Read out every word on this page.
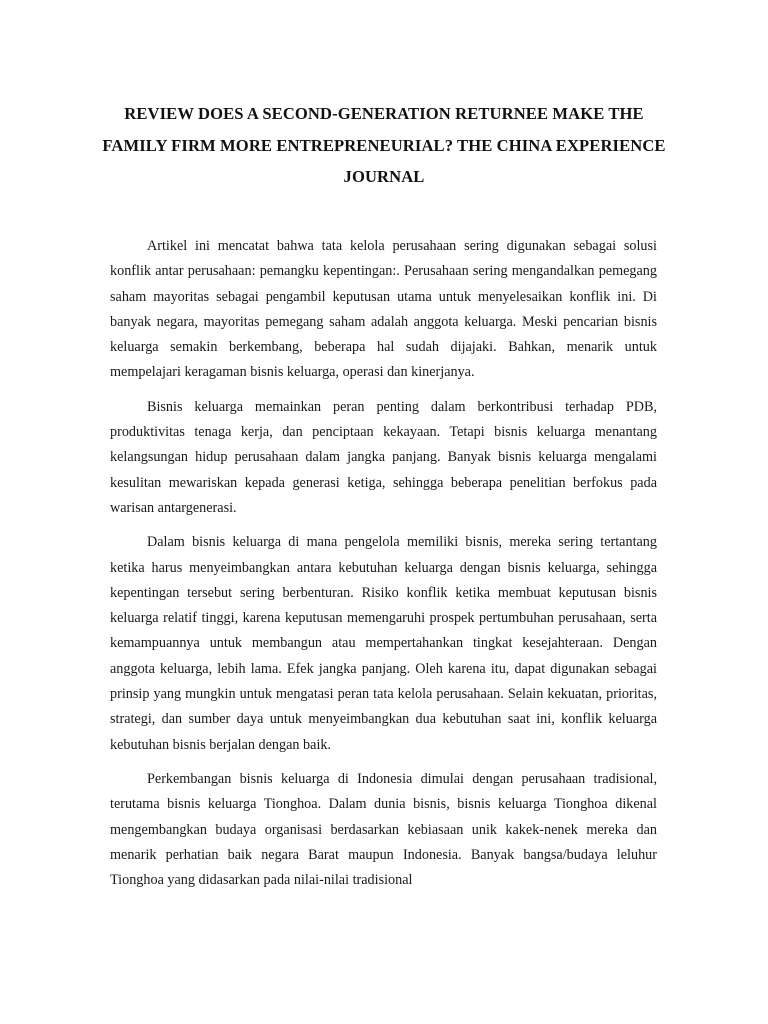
REVIEW DOES A SECOND-GENERATION RETURNEE MAKE THE FAMILY FIRM MORE ENTREPRENEURIAL? THE CHINA EXPERIENCE JOURNAL

Artikel ini mencatat bahwa tata kelola perusahaan sering digunakan sebagai solusi konflik antar perusahaan: pemangku kepentingan:. Perusahaan sering mengandalkan pemegang saham mayoritas sebagai pengambil keputusan utama untuk menyelesaikan konflik ini. Di banyak negara, mayoritas pemegang saham adalah anggota keluarga. Meski pencarian bisnis keluarga semakin berkembang, beberapa hal sudah dijajaki. Bahkan, menarik untuk mempelajari keragaman bisnis keluarga, operasi dan kinerjanya.

Bisnis keluarga memainkan peran penting dalam berkontribusi terhadap PDB, produktivitas tenaga kerja, dan penciptaan kekayaan. Tetapi bisnis keluarga menantang kelangsungan hidup perusahaan dalam jangka panjang. Banyak bisnis keluarga mengalami kesulitan mewariskan kepada generasi ketiga, sehingga beberapa penelitian berfokus pada warisan antargenerasi.

Dalam bisnis keluarga di mana pengelola memiliki bisnis, mereka sering tertantang ketika harus menyeimbangkan antara kebutuhan keluarga dengan bisnis keluarga, sehingga kepentingan tersebut sering berbenturan. Risiko konflik ketika membuat keputusan bisnis keluarga relatif tinggi, karena keputusan memengaruhi prospek pertumbuhan perusahaan, serta kemampuannya untuk membangun atau mempertahankan tingkat kesejahteraan. Dengan anggota keluarga, lebih lama. Efek jangka panjang. Oleh karena itu, dapat digunakan sebagai prinsip yang mungkin untuk mengatasi peran tata kelola perusahaan. Selain kekuatan, prioritas, strategi, dan sumber daya untuk menyeimbangkan dua kebutuhan saat ini, konflik keluarga kebutuhan bisnis berjalan dengan baik.

Perkembangan bisnis keluarga di Indonesia dimulai dengan perusahaan tradisional, terutama bisnis keluarga Tionghoa. Dalam dunia bisnis, bisnis keluarga Tionghoa dikenal mengembangkan budaya organisasi berdasarkan kebiasaan unik kakek-nenek mereka dan menarik perhatian baik negara Barat maupun Indonesia. Banyak bangsa/budaya leluhur Tionghoa yang didasarkan pada nilai-nilai tradisional
